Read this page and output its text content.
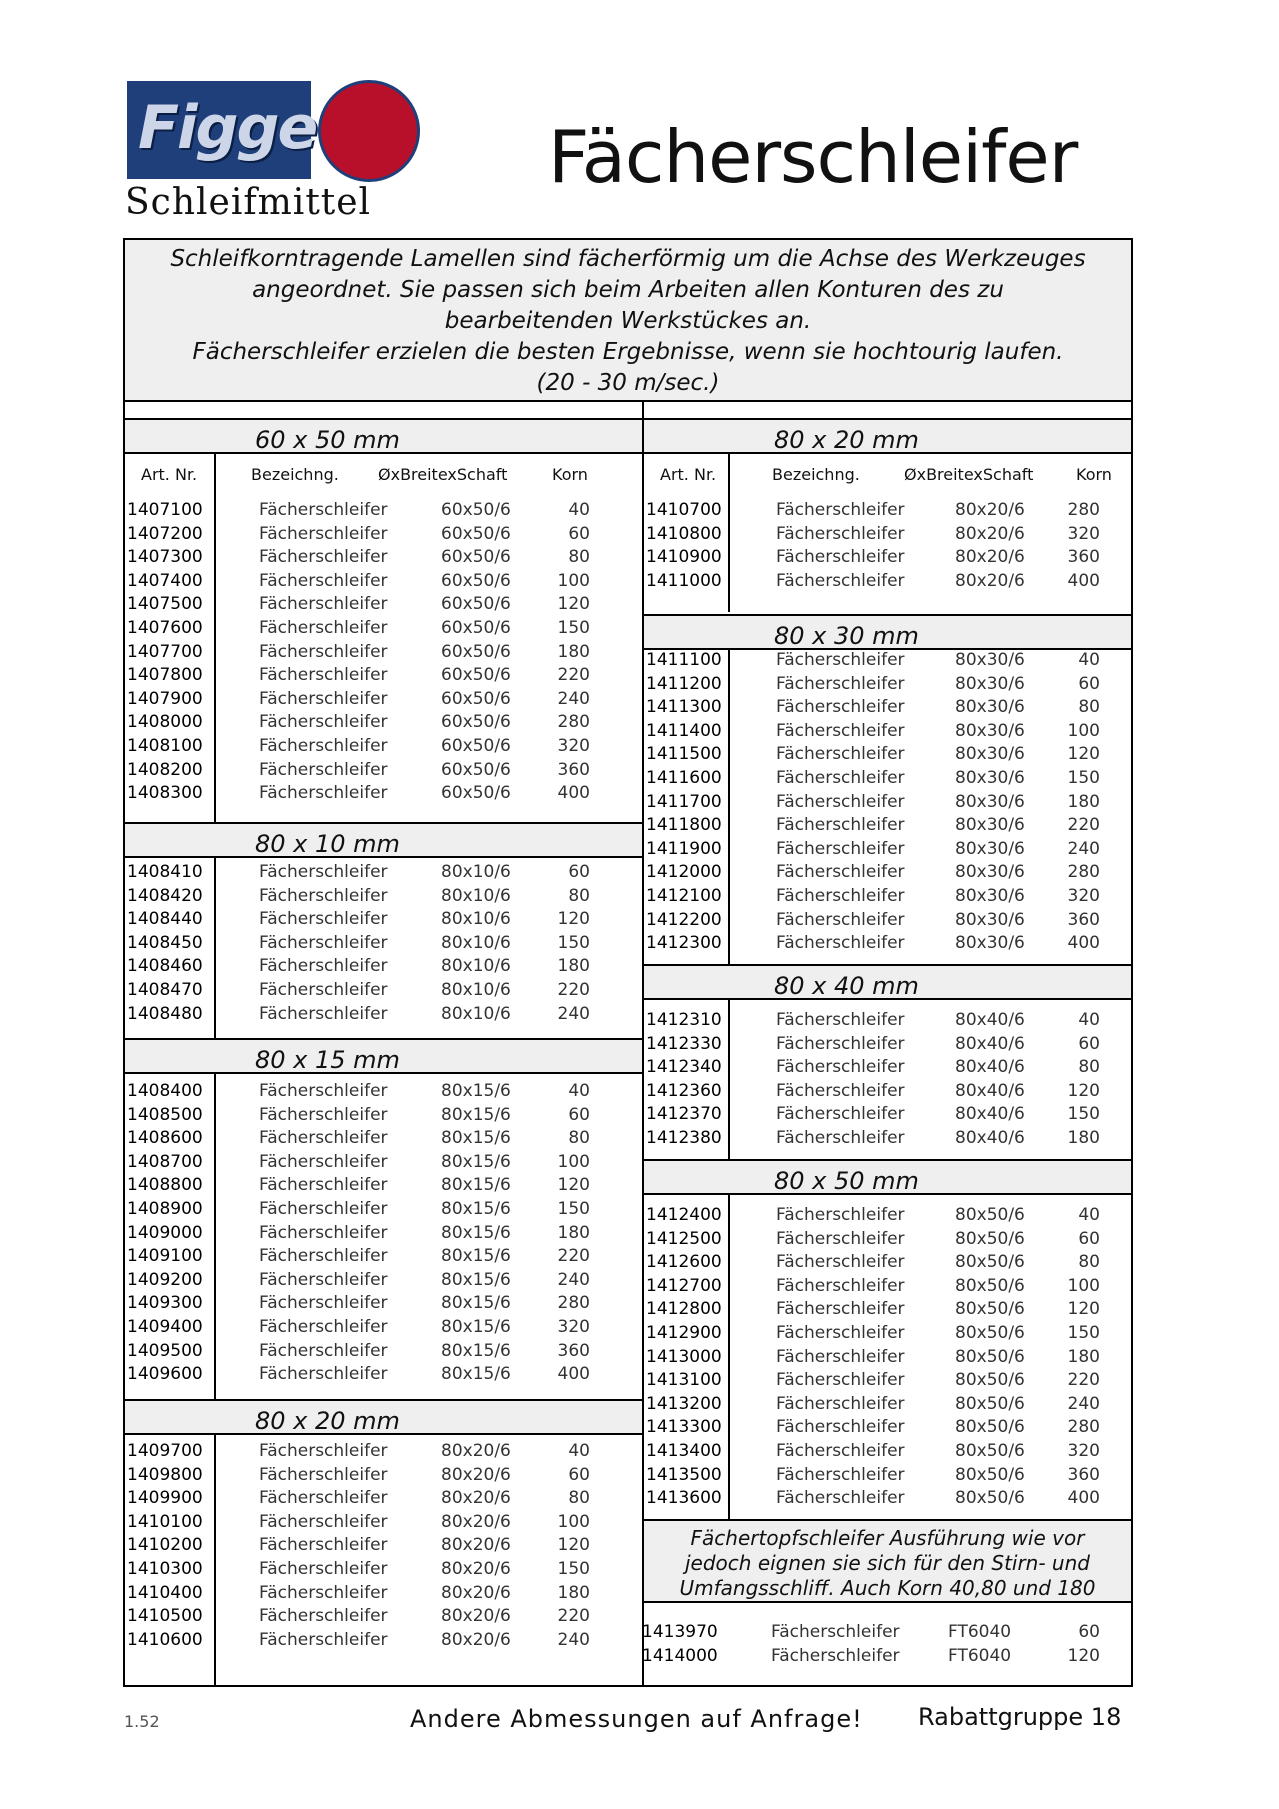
Figge
Schleifmittel
Fächerschleifer
Schleifkorntragende Lamellen sind fächerförmig um die Achse des Werkzeuges
angeordnet. Sie passen sich beim Arbeiten allen Konturen des zu
bearbeitenden Werkstückes an.
Fächerschleifer erzielen die besten Ergebnisse, wenn sie hochtourig laufen.
(20 - 30 m/sec.)
60 x 50 mm
Art. Nr.	Bezeichng. ØxBreitexSchaft	Korn
1407100	Fächerschleifer	60x50/6	40
1407200	Fächerschleifer	60x50/6	60
1407300	Fächerschleifer	60x50/6	80
1407400	Fächerschleifer	60x50/6	100
1407500	Fächerschleifer	60x50/6	120
1407600	Fächerschleifer	60x50/6	150
1407700	Fächerschleifer	60x50/6	180
1407800	Fächerschleifer	60x50/6	220
1407900	Fächerschleifer	60x50/6	240
1408000	Fächerschleifer	60x50/6	280
1408100	Fächerschleifer	60x50/6	320
1408200	Fächerschleifer	60x50/6	360
1408300	Fächerschleifer	60x50/6	400
80 x 10 mm
1408410	Fächerschleifer	80x10/6	60
1408420	Fächerschleifer	80x10/6	80
1408440	Fächerschleifer	80x10/6	120
1408450	Fächerschleifer	80x10/6	150
1408460	Fächerschleifer	80x10/6	180
1408470	Fächerschleifer	80x10/6	220
1408480	Fächerschleifer	80x10/6	240
80 x 15 mm
1408400	Fächerschleifer	80x15/6	40
1408500	Fächerschleifer	80x15/6	60
1408600	Fächerschleifer	80x15/6	80
1408700	Fächerschleifer	80x15/6	100
1408800	Fächerschleifer	80x15/6	120
1408900	Fächerschleifer	80x15/6	150
1409000	Fächerschleifer	80x15/6	180
1409100	Fächerschleifer	80x15/6	220
1409200	Fächerschleifer	80x15/6	240
1409300	Fächerschleifer	80x15/6	280
1409400	Fächerschleifer	80x15/6	320
1409500	Fächerschleifer	80x15/6	360
1409600	Fächerschleifer	80x15/6	400
80 x 20 mm
1409700	Fächerschleifer	80x20/6	40
1409800	Fächerschleifer	80x20/6	60
1409900	Fächerschleifer	80x20/6	80
1410100	Fächerschleifer	80x20/6	100
1410200	Fächerschleifer	80x20/6	120
1410300	Fächerschleifer	80x20/6	150
1410400	Fächerschleifer	80x20/6	180
1410500	Fächerschleifer	80x20/6	220
1410600	Fächerschleifer	80x20/6	240
80 x 20 mm
Art. Nr.	Bezeichng.	ØxBreitexSchaft	Korn
1410700	Fächerschleifer	80x20/6	280
1410800	Fächerschleifer	80x20/6	320
1410900	Fächerschleifer	80x20/6	360
1411000	Fächerschleifer	80x20/6	400
80 x 30 mm
1411100	Fächerschleifer	80x30/6	40
1411200	Fächerschleifer	80x30/6	60
1411300	Fächerschleifer	80x30/6	80
1411400	Fächerschleifer	80x30/6	100
1411500	Fächerschleifer	80x30/6	120
1411600	Fächerschleifer	80x30/6	150
1411700	Fächerschleifer	80x30/6	180
1411800	Fächerschleifer	80x30/6	220
1411900	Fächerschleifer	80x30/6	240
1412000	Fächerschleifer	80x30/6	280
1412100	Fächerschleifer	80x30/6	320
1412200	Fächerschleifer	80x30/6	360
1412300	Fächerschleifer	80x30/6	400
80 x 40 mm
1412310	Fächerschleifer	80x40/6	40
1412330	Fächerschleifer	80x40/6	60
1412340	Fächerschleifer	80x40/6	80
1412360	Fächerschleifer	80x40/6	120
1412370	Fächerschleifer	80x40/6	150
1412380	Fächerschleifer	80x40/6	180
80 x 50 mm
1412400	Fächerschleifer	80x50/6	40
1412500	Fächerschleifer	80x50/6	60
1412600	Fächerschleifer	80x50/6	80
1412700	Fächerschleifer	80x50/6	100
1412800	Fächerschleifer	80x50/6	120
1412900	Fächerschleifer	80x50/6	150
1413000	Fächerschleifer	80x50/6	180
1413100	Fächerschleifer	80x50/6	220
1413200	Fächerschleifer	80x50/6	240
1413300	Fächerschleifer	80x50/6	280
1413400	Fächerschleifer	80x50/6	320
1413500	Fächerschleifer	80x50/6	360
1413600	Fächerschleifer	80x50/6	400
1413970	Fächerschleifer	FT6040	60
1414000	Fächerschleifer	FT6040	120
Fächertopfschleifer Ausführung wie vor
jedoch eignen sie sich für den Stirn- und
Umfangsschliff. Auch Korn 40,80 und 180
1.52	Andere Abmessungen auf Anfrage! Rabattgruppe 18
